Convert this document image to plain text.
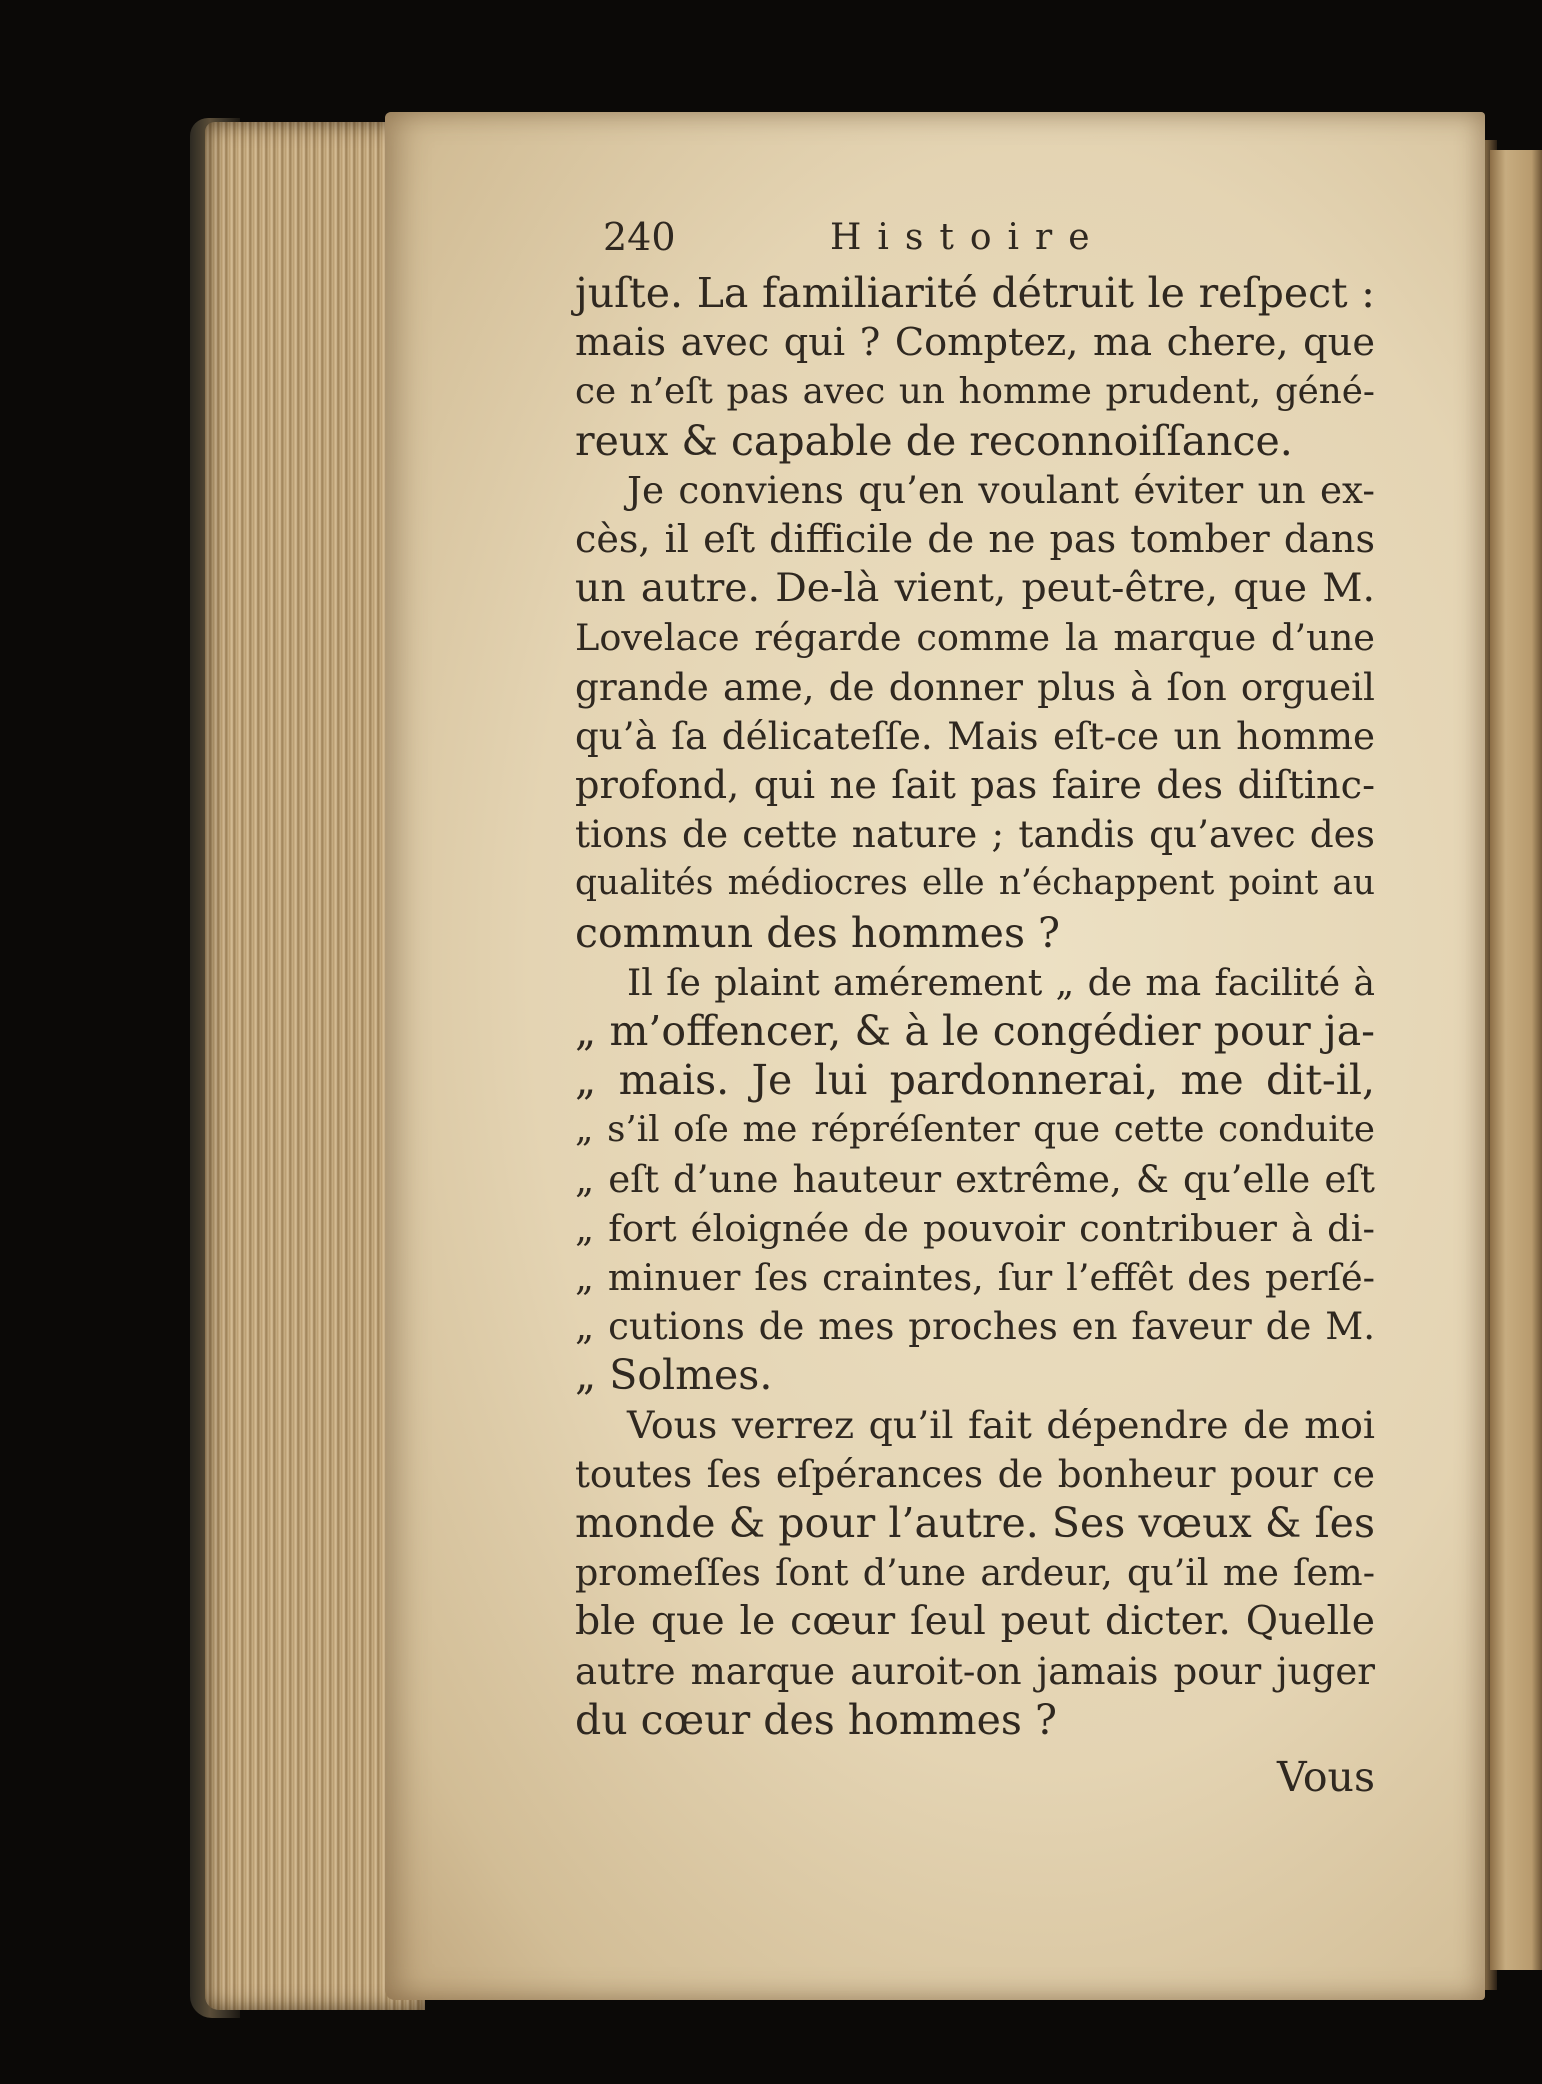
240	Histoire
juſte. La familiarité détruit le reſpect :
mais avec qui ? Comptez, ma chere, que
ce n’eſt pas avec un homme prudent, géné-
reux & capable de reconnoiſſance.
Je conviens qu’en voulant éviter un ex-
cès, il eſt difficile de ne pas tomber dans
un autre. De-là vient, peut-être, que M.
Lovelace régarde comme la marque d’une
grande ame, de donner plus à ſon orgueil
qu’à ſa délicateſſe. Mais eſt-ce un homme
profond, qui ne ſait pas faire des diſtinc-
tions de cette nature ; tandis qu’avec des
qualités médiocres elle n’échappent point au
commun des hommes ?
Il ſe plaint amérement „ de ma facilité à
„ m’offencer, & à le congédier pour ja-
„ mais. Je lui pardonnerai, me dit-il,
„ s’il oſe me répréſenter que cette conduite
„ eſt d’une hauteur extrême, & qu’elle eſt
„ fort éloignée de pouvoir contribuer à di-
„ minuer ſes craintes, ſur l’effêt des perſé-
„ cutions de mes proches en faveur de M.
„ Solmes.
Vous verrez qu’il fait dépendre de moi
toutes ſes eſpérances de bonheur pour ce
monde & pour l’autre. Ses vœux & ſes
promeſſes ſont d’une ardeur, qu’il me ſem-
ble que le cœur ſeul peut dicter. Quelle
autre marque auroit-on jamais pour juger
du cœur des hommes ?
Vous
